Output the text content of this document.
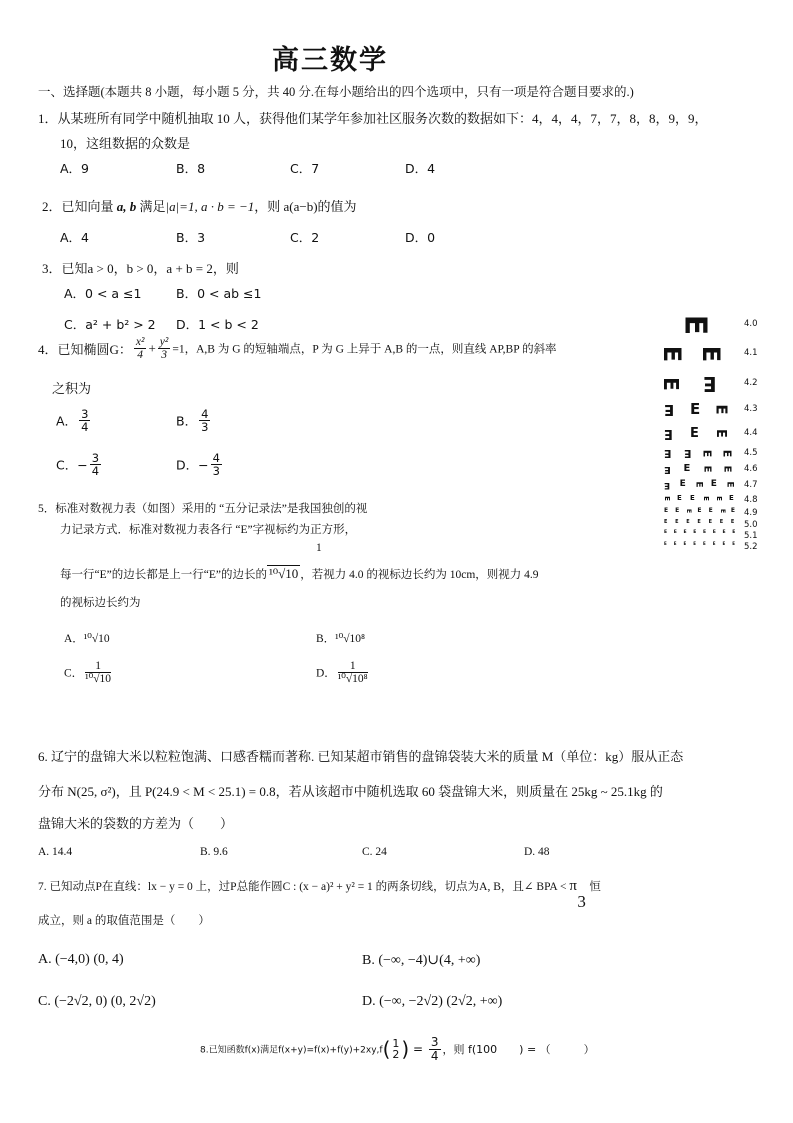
高三数学
一、选择题(本题共 8 小题，每小题 5 分，共 40 分.在每小题给出的四个选项中，只有一项是符合题目要求的.)
1．从某班所有同学中随机抽取 10 人，获得他们某学年参加社区服务次数的数据如下：4，4，4，7，7，8，8，9，9，
10，这组数据的众数是
A．9	B．8	C．7	D．4
2．已知向量 a, b 满足|a|=1, a · b = −1，则 a(a−b)的值为
A．4	B．3	C．2	D．0
3．已知a > 0，b > 0，a + b = 2，则
A．0 < a ≤1	B．0 < ab ≤1
C．a² + b² > 2 D．1 < b < 2
4．已知椭圆G： $\frac{\text{x²}}{4} + \frac{\text{y²}}{3} =1$，A,B 为 G 的短轴端点，P 为 G 上异于 A,B 的一点，则直线 AP,BP 的斜率
之积为
A． $\frac{3}{4}$	B． $\frac{4}{3}$
C．− $\frac{3}{4}$	D．− $\frac{4}{3}$
5．标准对数视力表（如图）采用的 “五分记录法”是我国独创的视
力记录方式．标准对数视力表各行 “E”字视标约为正方形，
1
每一行“E”的边长都是上一行“E”的边长的 ¹⁰√10 ，若视力 4.0 的视标边长约为 10cm，则视力 4.9
的视标边长约为
A．¹⁰√10	B．¹⁰√10⁸
C． $\frac{1}{\text{¹⁰√10}}$	D． $\frac{1}{\text{¹⁰√10⁸}}$
E	4.0
E E 4.1
E E	4.2
E E E 4.3
E E E 4.4
E E E E 4.5
E E E E 4.6
E E E E E 4.7
E E E E E E 4.8
E E E E E E E 4.9
E E E E E E E 5.0
E E E E E E E E 5.1
E E E E E E E E 5.2
6. 辽宁的盘锦大米以粒粒饱满、口感香糯而著称. 已知某超市销售的盘锦袋装大米的质量 M（单位：kg）服从正态
分布 N(25, σ²)，且 P(24.9 < M < 25.1) = 0.8，若从该超市中随机选取 60 袋盘锦大米，则质量在 25kg ~ 25.1kg 的
盘锦大米的袋数的方差为（　　）
A. 14.4	B. 9.6	C. 24	D. 48
7. 已知动点P在直线：lx − y = 0 上，过P总能作圆C : (x − a)² + y² = 1 的两条切线，切点为A, B，且∠ BPA < π
3
恒
成立，则 a 的取值范围是（　　）
A. (−4,0) (0, 4)	B. (−∞, −4)∪(4, +∞)
C. (−2√2, 0) (0, 2√2)	D. (−∞, −2√2) (2√2, +∞)
8.已知函数f(x)满足f(x+y)=f(x)+f(y)+2xy,f( 1
2 ) = $\frac{3}{4}$ ，则 f(100　　) = （　　　）
